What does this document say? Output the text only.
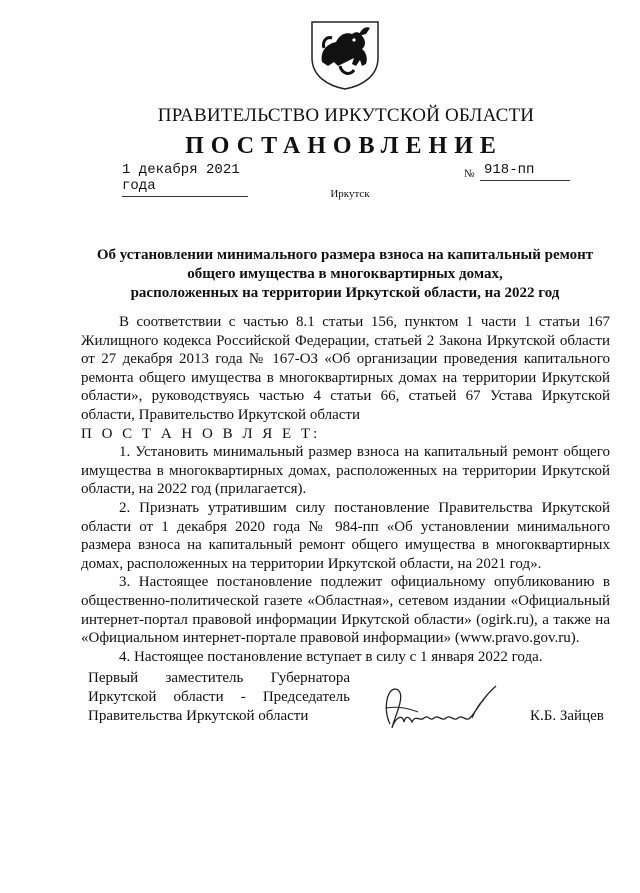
ПРАВИТЕЛЬСТВО ИРКУТСКОЙ ОБЛАСТИ
ПОСТАНОВЛЕНИЕ
1 декабря 2021 года
№ 918-пп
Иркутск
Об установлении минимального размера взноса на капитальный ремонт
общего имущества в многоквартирных домах,
расположенных на территории Иркутской области, на 2022 год

В соответствии с частью 8.1 статьи 156, пунктом 1 части 1 статьи 167 Жилищного кодекса Российской Федерации, статьей 2 Закона Иркутской области от 27 декабря 2013 года № 167-ОЗ «Об организации проведения капитального ремонта общего имущества в многоквартирных домах на территории Иркутской области», руководствуясь частью 4 статьи 66, статьей 67 Устава Иркутской области, Правительство Иркутской области

П О С Т А Н О В Л Я Е Т:

1. Установить минимальный размер взноса на капитальный ремонт общего имущества в многоквартирных домах, расположенных на территории Иркутской области, на 2022 год (прилагается).

2. Признать утратившим силу постановление Правительства Иркутской области от 1 декабря 2020 года № 984-пп «Об установлении минимального размера взноса на капитальный ремонт общего имущества в многоквартирных домах, расположенных на территории Иркутской области, на 2021 год».

3. Настоящее постановление подлежит официальному опубликованию в общественно-политической газете «Областная», сетевом издании «Официальный интернет-портал правовой информации Иркутской области» (ogirk.ru), а также на «Официальном интернет-портале правовой информации» (www.pravo.gov.ru).

4. Настоящее постановление вступает в силу с 1 января 2022 года.

Первый заместитель Губернатора
Иркутской области - Председатель
Правительства Иркутской области	К.Б. Зайцев
